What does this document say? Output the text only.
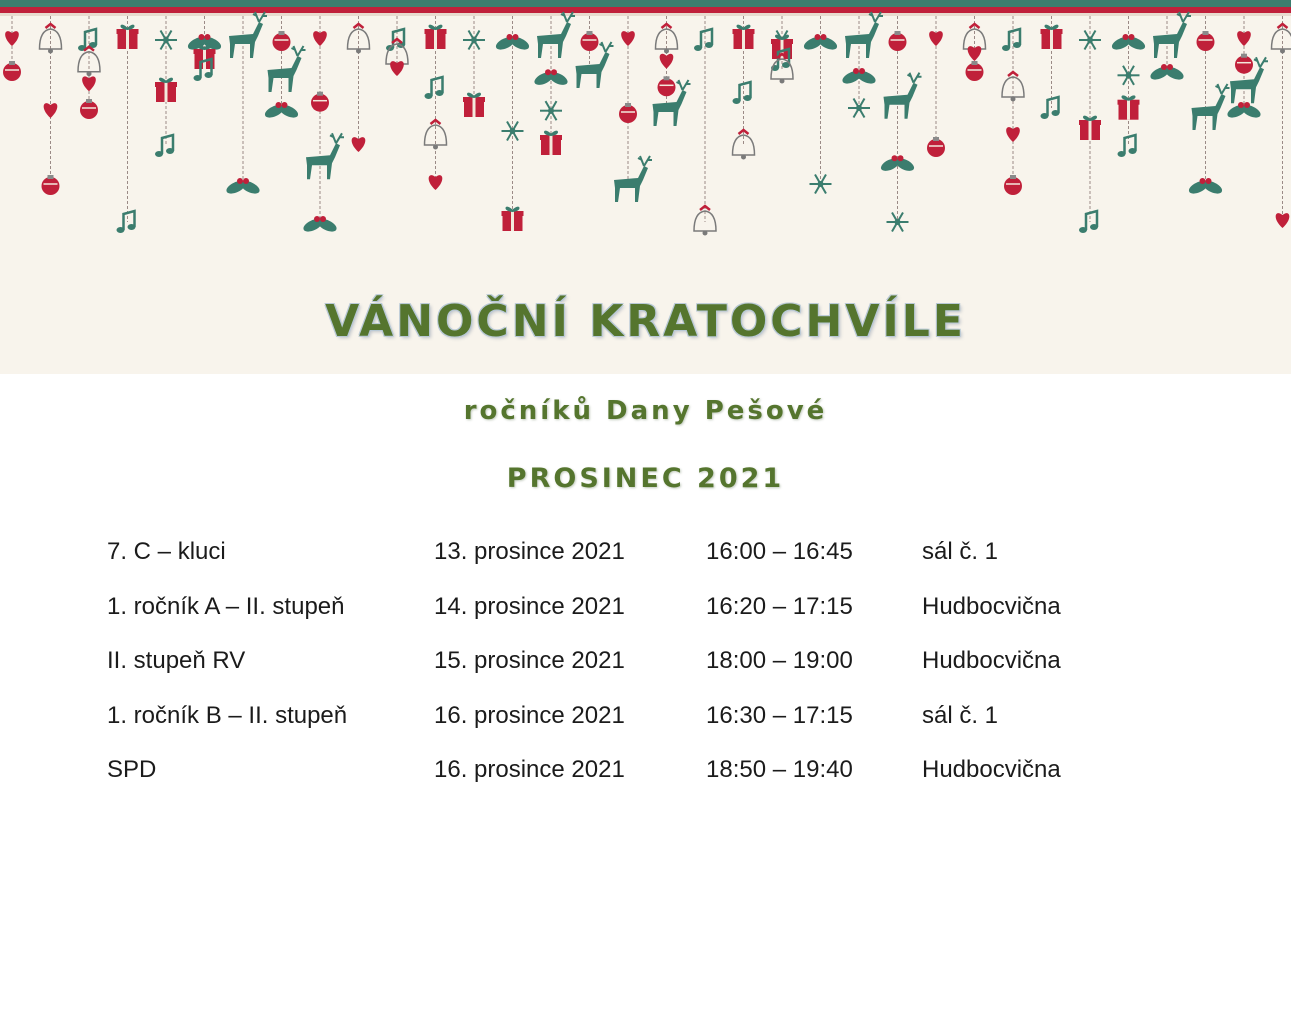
VÁNOČNÍ KRATOCHVÍLE
ročníků Dany Pešové
PROSINEC 2021
7. C – kluci	13. prosince 2021	16:00 – 16:45	sál č. 1
1. ročník A – II. stupeň	14. prosince 2021	16:20 – 17:15	Hudbocvična
II. stupeň RV	15. prosince 2021	18:00 – 19:00	Hudbocvična
1. ročník B – II. stupeň	16. prosince 2021	16:30 – 17:15	sál č. 1
SPD	16. prosince 2021	18:50 – 19:40	Hudbocvična
